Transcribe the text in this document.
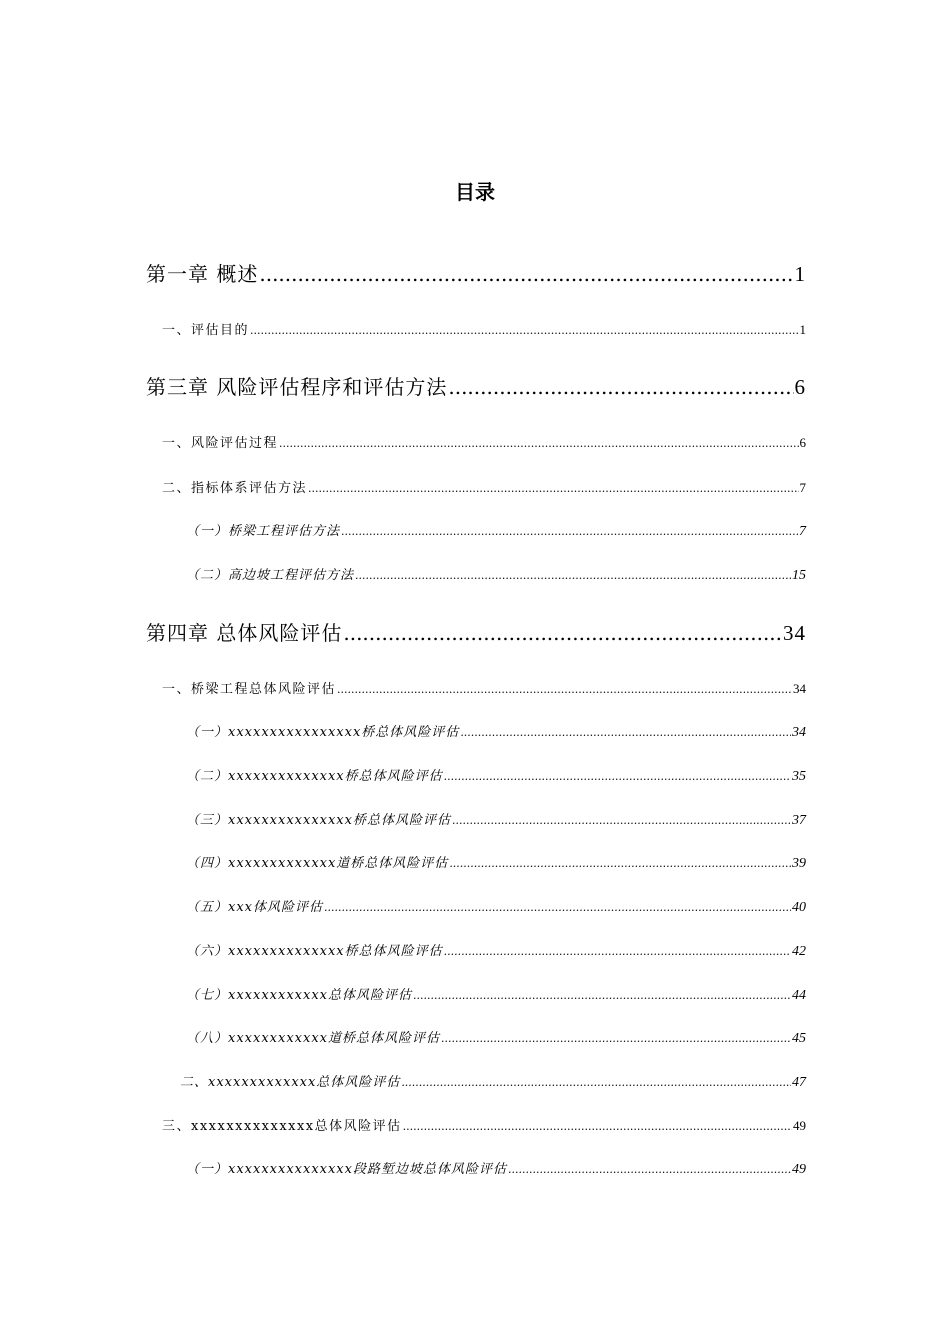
目录
第一章 概述 .....	1
一、评估目的 .....	1
第三章 风险评估程序和评估方法 .....	6
一、风险评估过程 .....	6
二、指标体系评估方法 .....	7
（一）桥梁工程评估方法 .....	7
（二）高边坡工程评估方法 .....	15
第四章 总体风险评估 .....	34
一、桥梁工程总体风险评估 .....	34
（一）xxxxxxxxxxxxxxxx桥总体风险评估 .....	34
（二）xxxxxxxxxxxxxx桥总体风险评估 .....	35
（三）xxxxxxxxxxxxxxx桥总体风险评估 .....	37
（四）xxxxxxxxxxxxx道桥总体风险评估 .....	39
（五）xxx体风险评估 .....	40
（六）xxxxxxxxxxxxxx桥总体风险评估 .....	42
（七）xxxxxxxxxxxx总体风险评估 .....	44
（八）xxxxxxxxxxxx道桥总体风险评估 .....	45
二、xxxxxxxxxxxxx总体风险评估 .....	47
三、xxxxxxxxxxxxxx总体风险评估 .....	49
（一）xxxxxxxxxxxxxxx段路堑边坡总体风险评估 .....	49
